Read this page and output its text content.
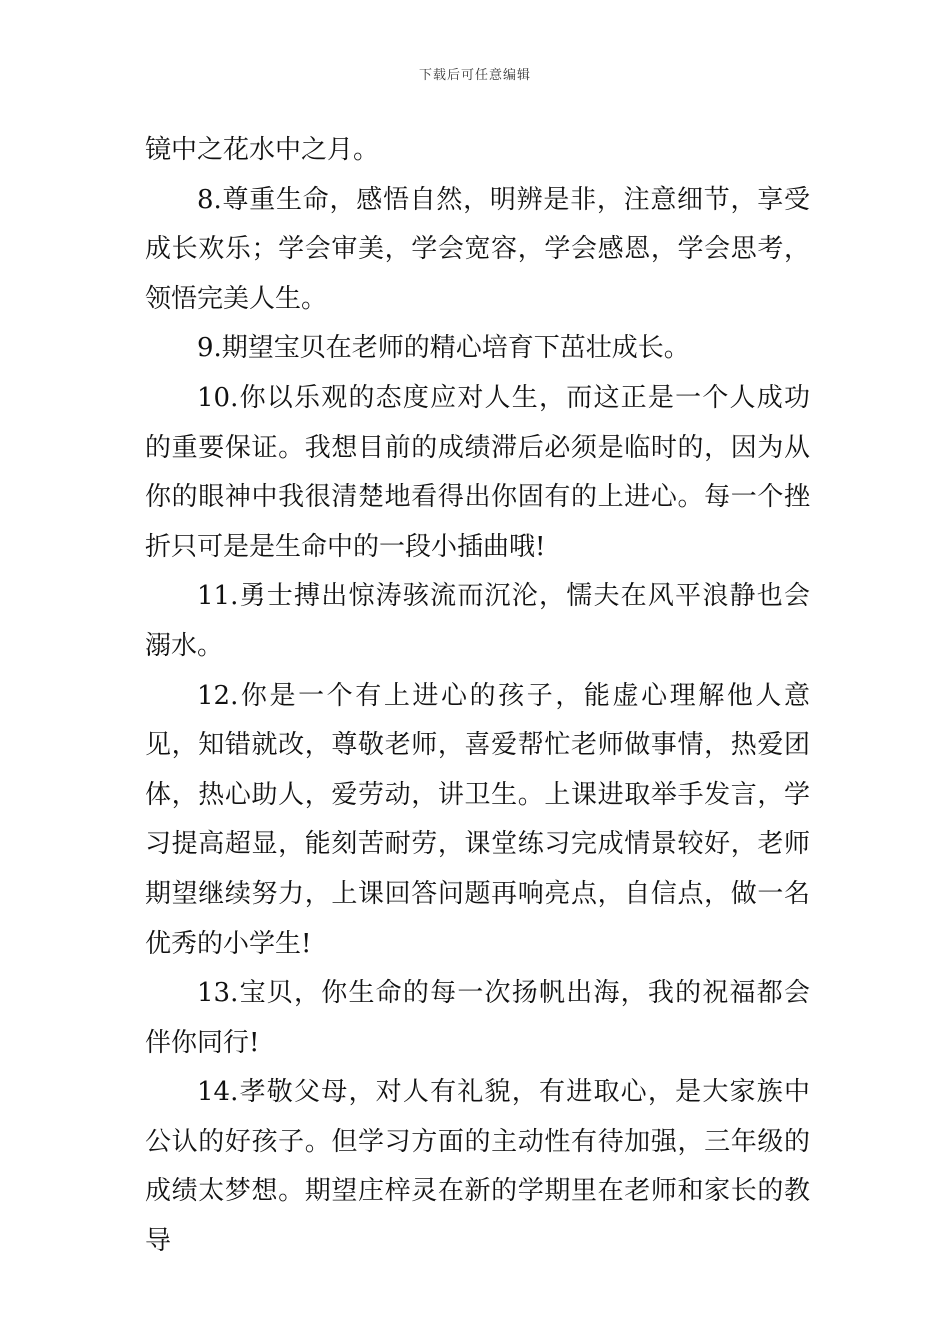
下载后可任意编辑

镜中之花水中之月。

8.尊重生命，感悟自然，明辨是非，注意细节，享受成长欢乐；学会审美，学会宽容，学会感恩，学会思考，领悟完美人生。

9.期望宝贝在老师的精心培育下茁壮成长。

10.你以乐观的态度应对人生，而这正是一个人成功的重要保证。我想目前的成绩滞后必须是临时的，因为从你的眼神中我很清楚地看得出你固有的上进心。每一个挫折只可是是生命中的一段小插曲哦!

11.勇士搏出惊涛骇流而沉沦，懦夫在风平浪静也会溺水。

12.你是一个有上进心的孩子，能虚心理解他人意见，知错就改，尊敬老师，喜爱帮忙老师做事情，热爱团体，热心助人，爱劳动，讲卫生。上课进取举手发言，学习提高超显，能刻苦耐劳，课堂练习完成情景较好，老师期望继续努力，上课回答问题再响亮点，自信点，做一名优秀的小学生!

13.宝贝，你生命的每一次扬帆出海，我的祝福都会伴你同行!

14.孝敬父母，对人有礼貌，有进取心，是大家族中公认的好孩子。但学习方面的主动性有待加强，三年级的成绩太梦想。期望庄梓灵在新的学期里在老师和家长的教导
